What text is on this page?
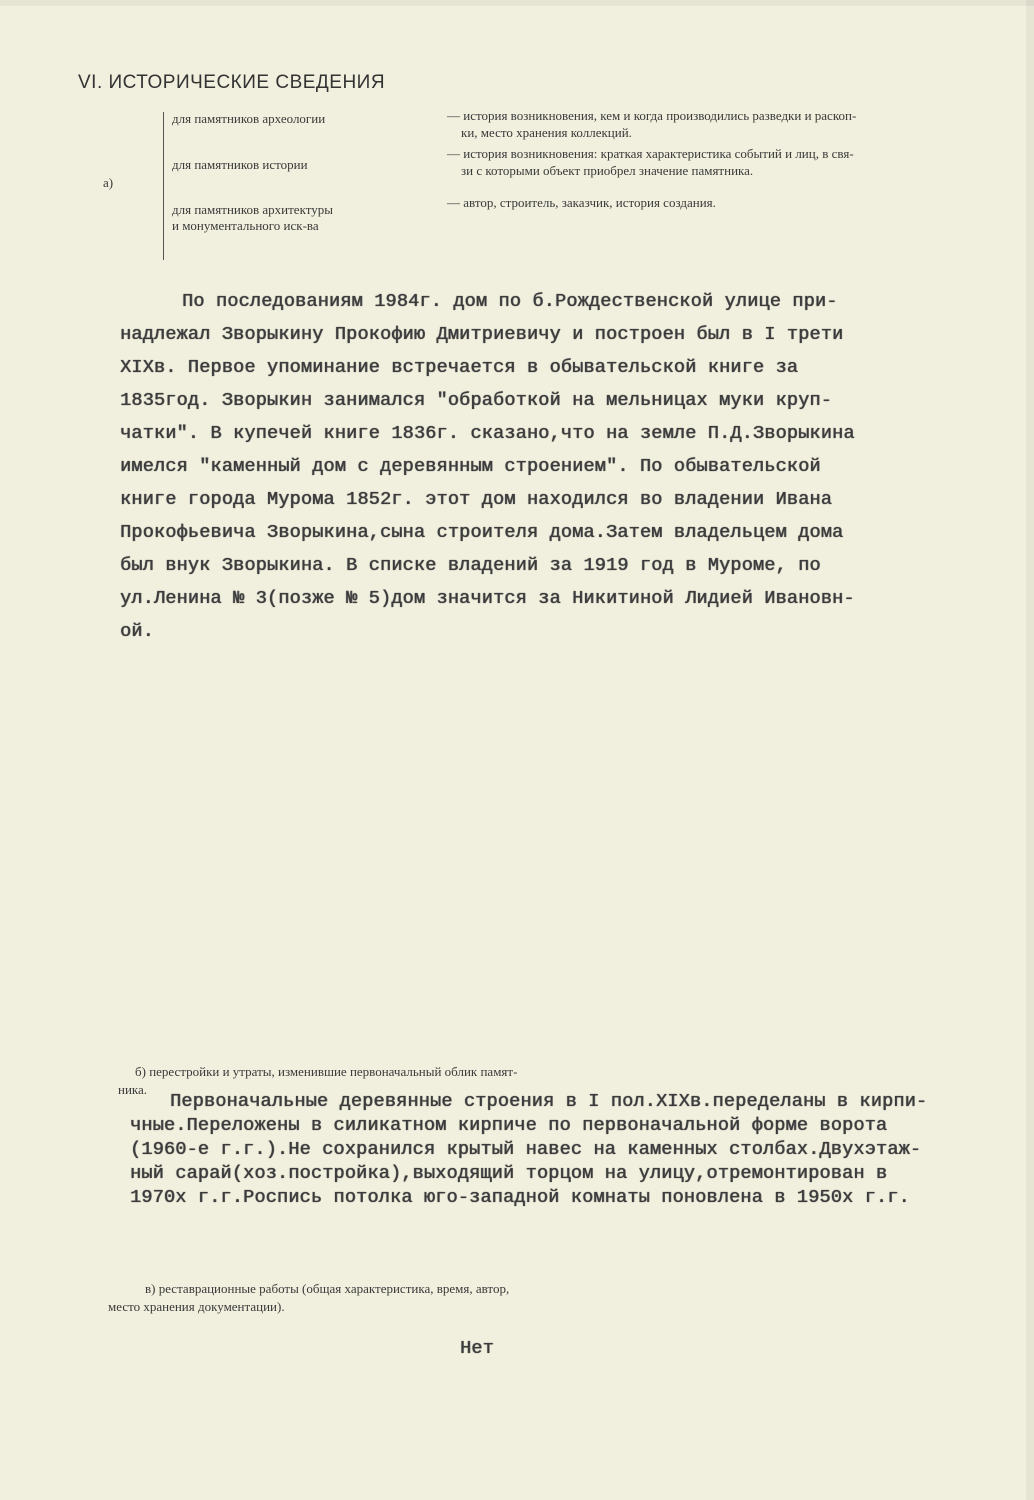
VI. ИСТОРИЧЕСКИЕ СВЕДЕНИЯ
а)
для памятников археологии	— история возникновения, кем и когда производились разведки и раскоп-
ки, место хранения коллекций.
для памятников истории
— история возникновения: краткая характеристика событий и лиц, в свя-
зи с которыми объект приобрел значение памятника.
для памятников архитектуры
и монументального иск-ва
— автор, строитель, заказчик, история создания.
По последованиям 1984г. дом по б.Рождественской улице при-
надлежал Зворыкину Прокофию Дмитриевичу и построен был в I трети
XIXв. Первое упоминание встречается в обывательской книге за
1835год. Зворыкин занимался "обработкой на мельницах муки круп-
чатки". В купечей книге 1836г. сказано,что на земле П.Д.Зворыкина
имелся "каменный дом с деревянным строением". По обывательской
книге города Мурома 1852г. этот дом находился во владении Ивана
Прокофьевича Зворыкина,сына строителя дома.Затем владельцем дома
был внук Зворыкина. В списке владений за 1919 год в Муроме, по
ул.Ленина № 3(позже № 5)дом значится за Никитиной Лидией Ивановн-
ой.
б) перестройки и утраты, изменившие первоначальный облик памят-
ника.
Первоначальные деревянные строения в I пол.XIXв.переделаны в кирпи-
чные.Переложены в силикатном кирпиче по первоначальной форме ворота
(1960-е г.г.).Не сохранился крытый навес на каменных столбах.Двухэтаж-
ный сарай(хоз.постройка),выходящий торцом на улицу,отремонтирован в
1970х г.г.Роспись потолка юго-западной комнаты поновлена в 1950х г.г.
в) реставрационные работы (общая характеристика, время, автор,
место хранения документации).
Нет
